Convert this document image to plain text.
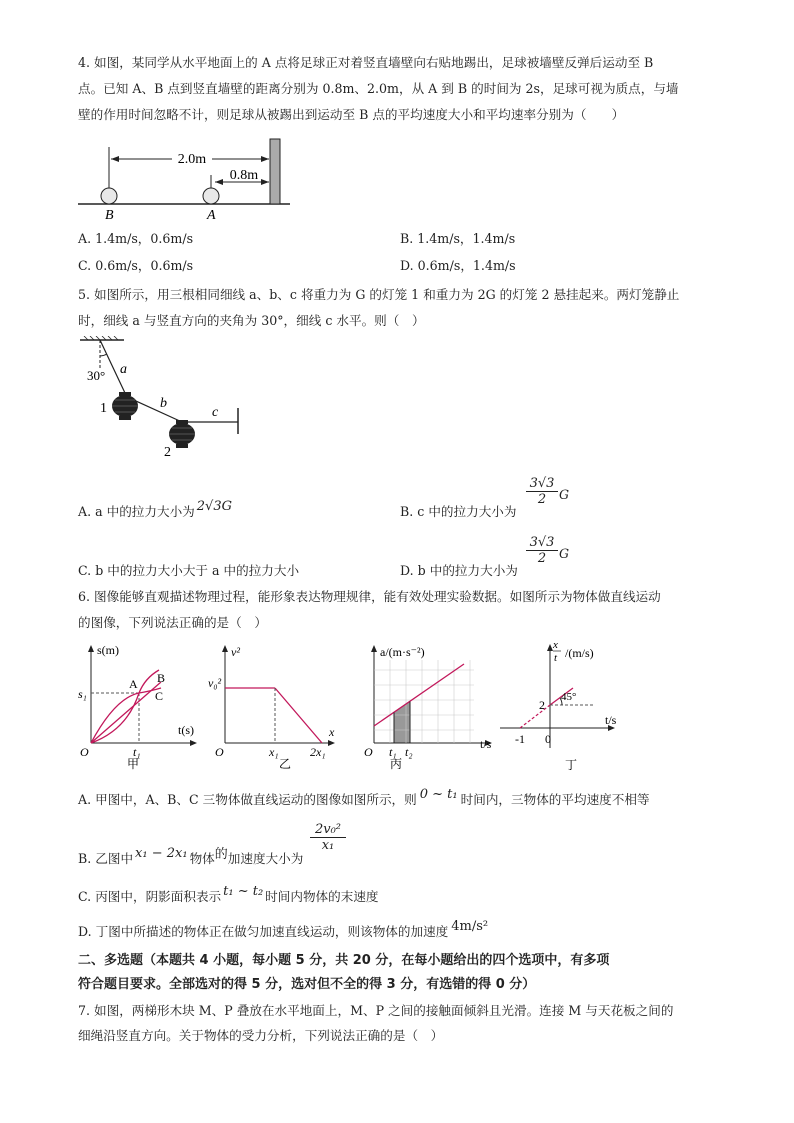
4. 如图，某同学从水平地面上的 A 点将足球正对着竖直墙壁向右贴地踢出，足球被墙壁反弹后运动至 B
点。已知 A、B 点到竖直墙壁的距离分别为 0.8m、2.0m，从 A 到 B 的时间为 2s，足球可视为质点，与墙
壁的作用时间忽略不计，则足球从被踢出到运动至 B 点的平均速度大小和平均速率分别为（　　）
2.0m
0.8m
B	A
A. 1.4m/s，0.6m/s	B. 1.4m/s，1.4m/s
C. 0.6m/s，0.6m/s	D. 0.6m/s，1.4m/s
5. 如图所示，用三根相同细线 a、b、c 将重力为 G 的灯笼 1 和重力为 2G 的灯笼 2 悬挂起来。两灯笼静止
时，细线 a 与竖直方向的夹角为 30°，细线 c 水平。则（　）
30° a
b
c
1
2
A. a 中的拉力大小为 2√3G	B. c 中的拉力大小为
$\frac{3√3}{2}$ G
C. b 中的拉力大小大于 a 中的拉力大小	D. b 中的拉力大小为
$\frac{3√3}{2}$ G
6. 图像能够直观描述物理过程，能形象表达物理规律，能有效处理实验数据。如图所示为物体做直线运动
的图像，下列说法正确的是（　）
s(m)
t(s)
O
s₁
t₁
A B
C
甲
v²
v₀²
x
O	x₁	2x₁
乙
a/(m·s⁻²)
O t₁ t₂
t/s
丙
x
t /(m/s)
45°
2
-1 0
t/s
丁
A. 甲图中，A、B、C 三物体做直线运动的图像如图所示，则 0 ~ t₁ 时间内，三物体的平均速度不相等
$\frac{\text{2v₀²}}{\text{x₁}}$
B. 乙图中 x₁ − 2x₁ 物体的加速度大小为
C. 丙图中，阴影面积表示 t₁ ~ t₂ 时间内物体的末速度
D. 丁图中所描述的物体正在做匀加速直线运动，则该物体的加速度 4m/s²
二、多选题（本题共 4 小题，每小题 5 分，共 20 分，在每小题给出的四个选项中，有多项
符合题目要求。全部选对的得 5 分，选对但不全的得 3 分，有选错的得 0 分）
7. 如图，两梯形木块 M、P 叠放在水平地面上，M、P 之间的接触面倾斜且光滑。连接 M 与天花板之间的
细绳沿竖直方向。关于物体的受力分析，下列说法正确的是（　）
